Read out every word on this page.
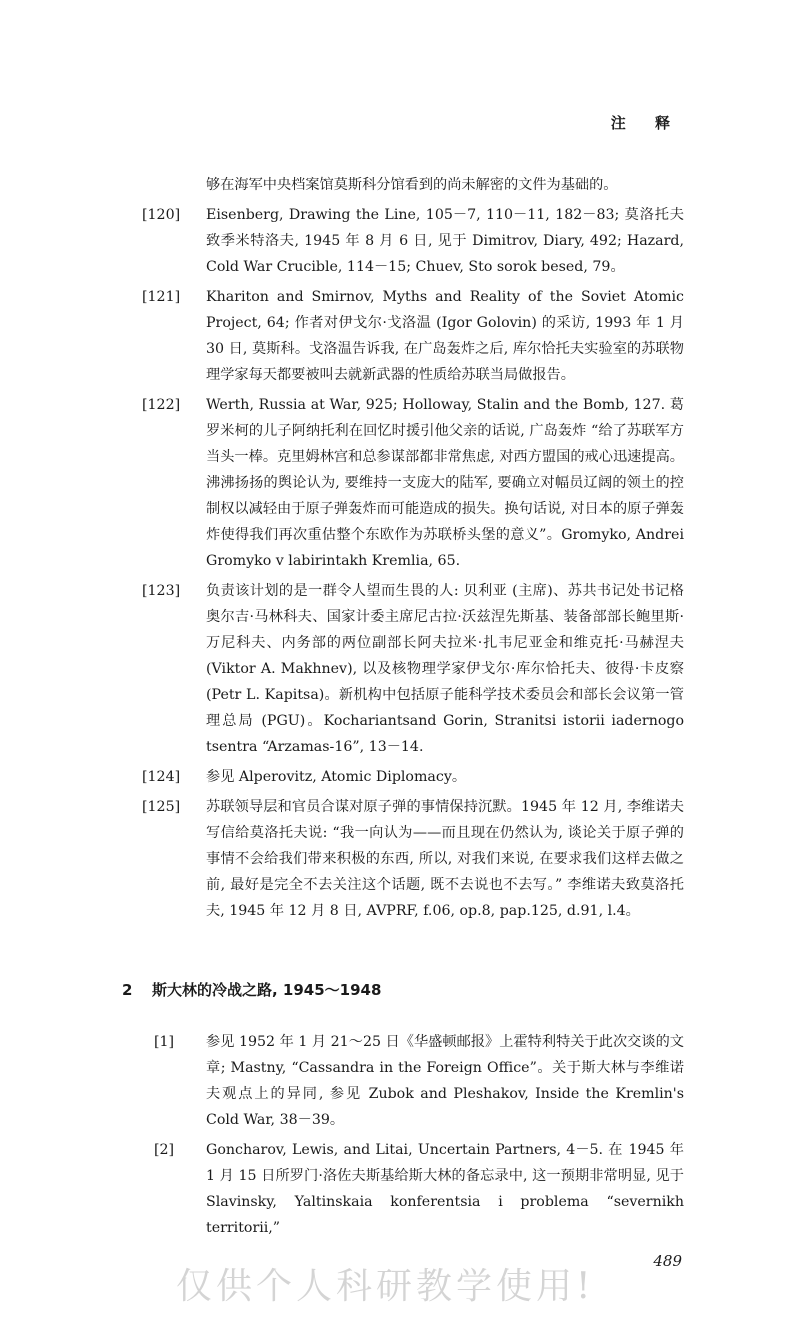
注 释
够在海军中央档案馆莫斯科分馆看到的尚未解密的文件为基础的。
[120] Eisenberg, Drawing the Line, 105－7, 110－11, 182－83; 莫洛托夫致季米特洛夫, 1945 年 8 月 6 日, 见于 Dimitrov, Diary, 492; Hazard, Cold War Crucible, 114－15; Chuev, Sto sorok besed, 79。
[121] Khariton and Smirnov, Myths and Reality of the Soviet Atomic Project, 64; 作者对伊戈尔·戈洛温 (Igor Golovin) 的采访, 1993 年 1 月 30 日, 莫斯科。戈洛温告诉我, 在广岛轰炸之后, 库尔恰托夫实验室的苏联物理学家每天都要被叫去就新武器的性质给苏联当局做报告。
[122] Werth, Russia at War, 925; Holloway, Stalin and the Bomb, 127. 葛罗米柯的儿子阿纳托利在回忆时援引他父亲的话说, 广岛轰炸 “给了苏联军方当头一棒。克里姆林宫和总参谋部都非常焦虑, 对西方盟国的戒心迅速提高。沸沸扬扬的舆论认为, 要维持一支庞大的陆军, 要确立对幅员辽阔的领土的控制权以减轻由于原子弹轰炸而可能造成的损失。换句话说, 对日本的原子弹轰炸使得我们再次重估整个东欧作为苏联桥头堡的意义”。Gromyko, Andrei Gromyko v labirintakh Kremlia, 65.
[123] 负责该计划的是一群令人望而生畏的人: 贝利亚 (主席)、苏共书记处书记格奥尔吉·马林科夫、国家计委主席尼古拉·沃兹涅先斯基、装备部部长鲍里斯·万尼科夫、内务部的两位副部长阿夫拉米·扎韦尼亚金和维克托·马赫涅夫 (Viktor A. Makhnev), 以及核物理学家伊戈尔·库尔恰托夫、彼得·卡皮察 (Petr L. Kapitsa)。新机构中包括原子能科学技术委员会和部长会议第一管理总局 (PGU)。Kochariantsand Gorin, Stranitsi istorii iadernogo tsentra “Arzamas-16”, 13－14.
[124] 参见 Alperovitz, Atomic Diplomacy。
[125] 苏联领导层和官员合谋对原子弹的事情保持沉默。1945 年 12 月, 李维诺夫写信给莫洛托夫说: “我一向认为——而且现在仍然认为, 谈论关于原子弹的事情不会给我们带来积极的东西, 所以, 对我们来说, 在要求我们这样去做之前, 最好是完全不去关注这个话题, 既不去说也不去写。” 李维诺夫致莫洛托夫, 1945 年 12 月 8 日, AVPRF, f.06, op.8, pap.125, d.91, l.4。
2 斯大林的冷战之路, 1945～1948
[1] 参见 1952 年 1 月 21～25 日《华盛顿邮报》上霍特利特关于此次交谈的文章; Mastny, “Cassandra in the Foreign Office”。关于斯大林与李维诺夫观点上的异同, 参见 Zubok and Pleshakov, Inside the Kremlin's Cold War, 38－39。
[2] Goncharov, Lewis, and Litai, Uncertain Partners, 4－5. 在 1945 年 1 月 15 日所罗门·洛佐夫斯基给斯大林的备忘录中, 这一预期非常明显, 见于 Slavinsky, Yaltinskaia konferentsia i problema “severnikh territorii,”
489
仅供个人科研教学使用!
